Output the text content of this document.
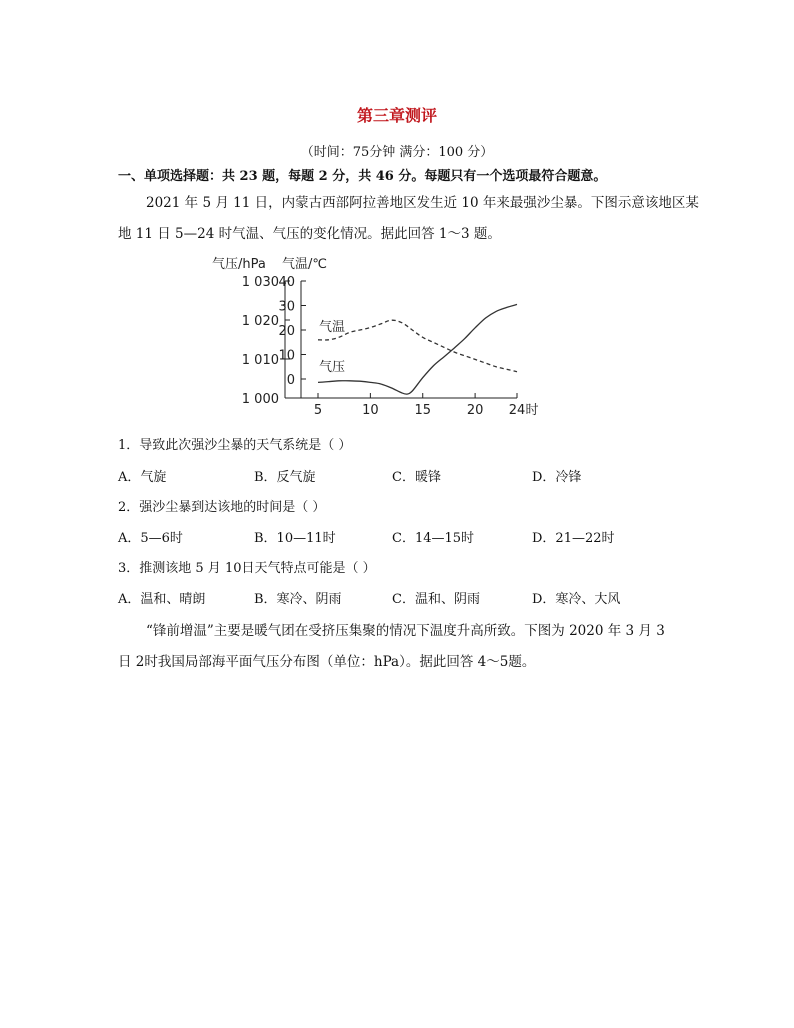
第三章测评
（时间：75分钟 满分：100 分）
一、单项选择题：共 23 题，每题 2 分，共 46 分。每题只有一个选项最符合题意。
2021 年 5 月 11 日，内蒙古西部阿拉善地区发生近 10 年来最强沙尘暴。下图示意该地区某
地 11 日 5—24 时气温、气压的变化情况。据此回答 1～3 题。
气压/hPa 气温/℃
1 030
1 020
1 010
1 000
40
30
20
10
0
5	10	15	20 24 时
气温
气压
1．导致此次强沙尘暴的天气系统是（ ）
A．气旋	B．反气旋	C．暖锋	D．冷锋
2．强沙尘暴到达该地的时间是（ ）
A．5—6时	B．10—11时	C．14—15时	D．21—22时
3．推测该地 5 月 10日天气特点可能是（ ）
A．温和、晴朗	B．寒冷、阴雨	C．温和、阴雨	D．寒冷、大风
“锋前增温”主要是暖气团在受挤压集聚的情况下温度升高所致。下图为 2020 年 3 月 3
日 2时我国局部海平面气压分布图（单位：hPa）。据此回答 4～5题。
